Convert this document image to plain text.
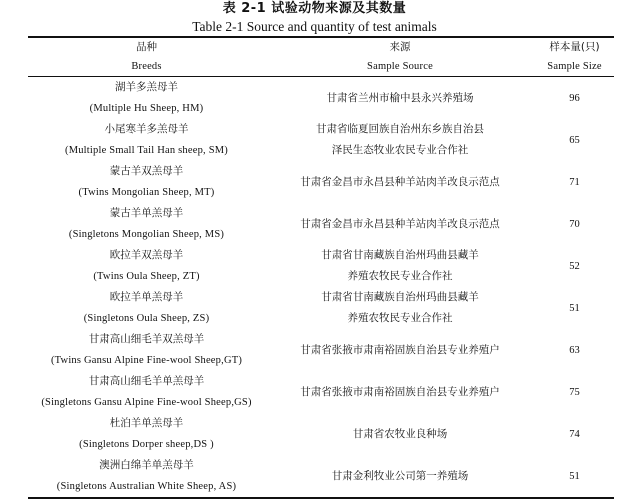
表 2-1 试验动物来源及其数量
Table 2-1 Source and quantity of test animals
品种	来源	样本量(只)
Breeds	Sample Source	Sample Size

湖羊多羔母羊
(Multiple Hu Sheep, HM)	甘肃省兰州市榆中县永兴养殖场	96

小尾寒羊多羔母羊
(Multiple Small Tail Han sheep, SM)	甘肃省临夏回族自治州东乡族自治县
泽民生态牧业农民专业合作社	65

蒙古羊双羔母羊
(Twins Mongolian Sheep, MT)	甘肃省金昌市永昌县种羊站肉羊改良示范点	71

蒙古羊单羔母羊
(Singletons Mongolian Sheep, MS)	甘肃省金昌市永昌县种羊站肉羊改良示范点	70

欧拉羊双羔母羊
(Twins Oula Sheep, ZT)	甘肃省甘南藏族自治州玛曲县藏羊
养殖农牧民专业合作社	52

欧拉羊单羔母羊
(Singletons Oula Sheep, ZS)	甘肃省甘南藏族自治州玛曲县藏羊
养殖农牧民专业合作社	51

甘肃高山细毛羊双羔母羊
(Twins Gansu Alpine Fine-wool Sheep,GT)	甘肃省张掖市肃南裕固族自治县专业养殖户	63

甘肃高山细毛羊单羔母羊
(Singletons Gansu Alpine Fine-wool Sheep,GS)	甘肃省张掖市肃南裕固族自治县专业养殖户	75

杜泊羊单羔母羊
(Singletons Dorper sheep,DS )	甘肃省农牧业良种场	74

澳洲白绵羊单羔母羊
(Singletons Australian White Sheep, AS)	甘肃金利牧业公司第一养殖场	51
